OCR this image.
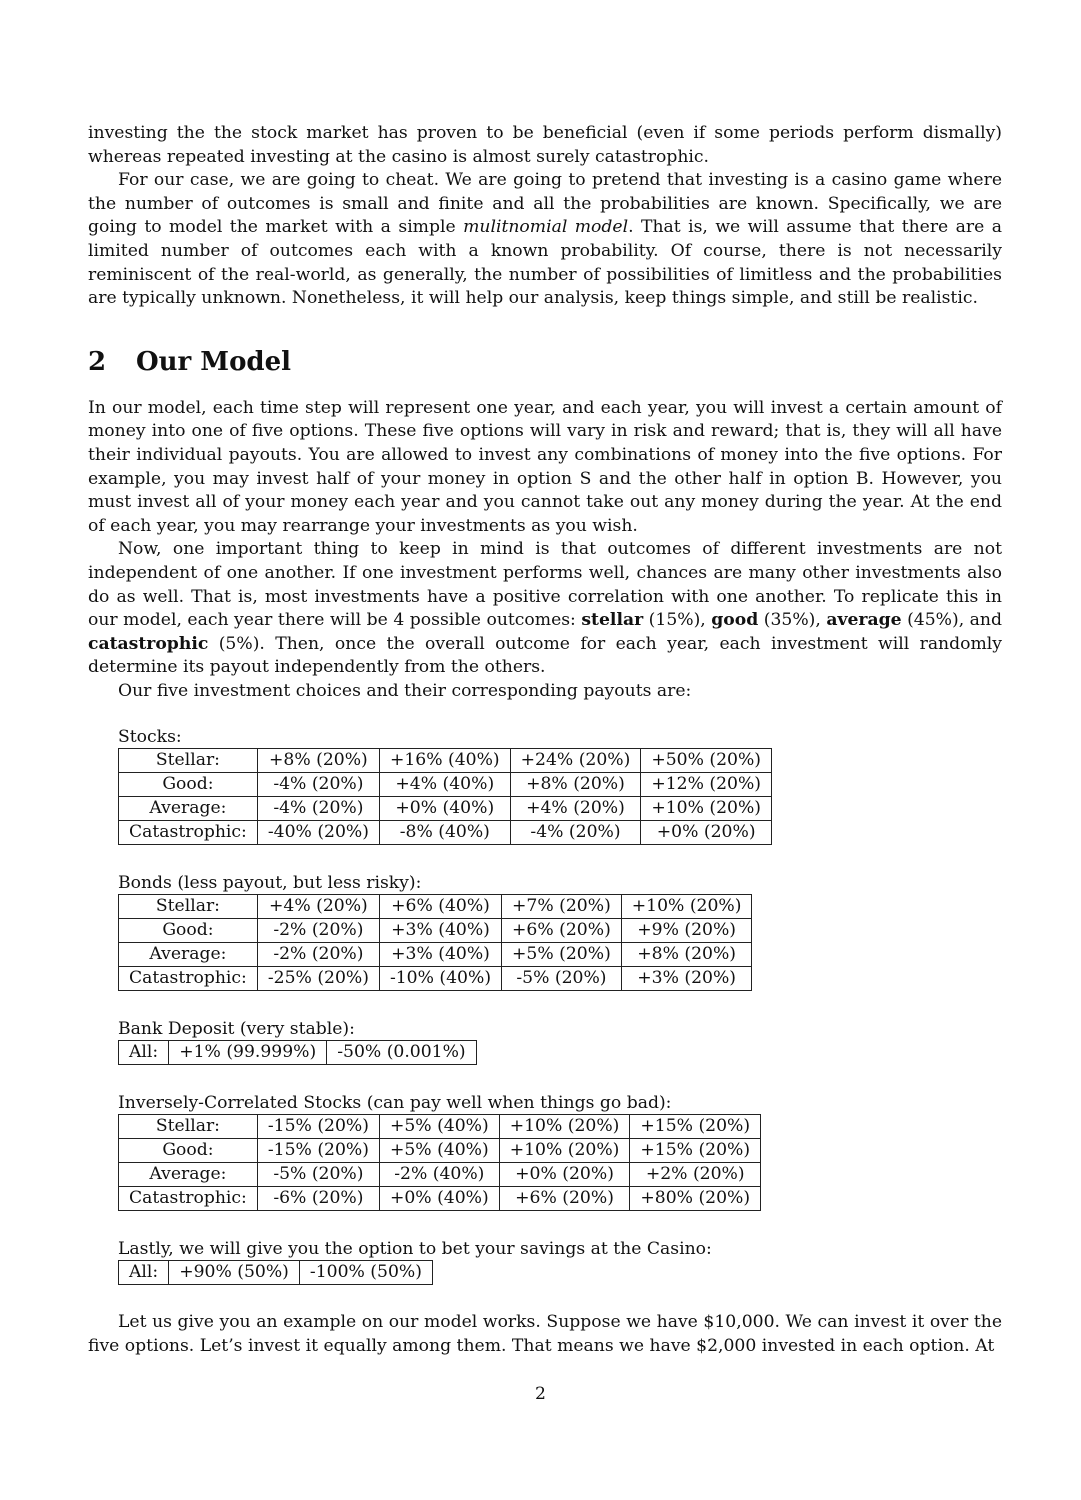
investing the the stock market has proven to be beneficial (even if some periods perform dismally) whereas repeated investing at the casino is almost surely catastrophic.

For our case, we are going to cheat. We are going to pretend that investing is a casino game where the number of outcomes is small and finite and all the probabilities are known. Specifically, we are going to model the market with a simple mulitnomial model. That is, we will assume that there are a limited number of outcomes each with a known probability. Of course, there is not necessarily reminiscent of the real-world, as generally, the number of possibilities of limitless and the probabilities are typically unknown. Nonetheless, it will help our analysis, keep things simple, and still be realistic.

2 Our Model

In our model, each time step will represent one year, and each year, you will invest a certain amount of money into one of five options. These five options will vary in risk and reward; that is, they will all have their individual payouts. You are allowed to invest any combinations of money into the five options. For example, you may invest half of your money in option S and the other half in option B. However, you must invest all of your money each year and you cannot take out any money during the year. At the end of each year, you may rearrange your investments as you wish.

Now, one important thing to keep in mind is that outcomes of different investments are not independent of one another. If one investment performs well, chances are many other investments also do as well. That is, most investments have a positive correlation with one another. To replicate this in our model, each year there will be 4 possible outcomes: stellar (15%), good (35%), average (45%), and catastrophic (5%). Then, once the overall outcome for each year, each investment will randomly determine its payout independently from the others.

Our five investment choices and their corresponding payouts are:

Stocks:
Stellar:	+8% (20%)	+16% (40%)	+24% (20%)	+50% (20%)
Good:	-4% (20%)	+4% (40%)	+8% (20%)	+12% (20%)
Average:	-4% (20%)	+0% (40%)	+4% (20%)	+10% (20%)
Catastrophic:	-40% (20%)	-8% (40%)	-4% (20%)	+0% (20%)
Bonds (less payout, but less risky):
Stellar:	+4% (20%)	+6% (40%)	+7% (20%)	+10% (20%)
Good:	-2% (20%)	+3% (40%)	+6% (20%)	+9% (20%)
Average:	-2% (20%)	+3% (40%)	+5% (20%)	+8% (20%)
Catastrophic:	-25% (20%)	-10% (40%)	-5% (20%)	+3% (20%)
Bank Deposit (very stable):
All:	+1% (99.999%)	-50% (0.001%)
Inversely-Correlated Stocks (can pay well when things go bad):
Stellar:	-15% (20%)	+5% (40%)	+10% (20%)	+15% (20%)
Good:	-15% (20%)	+5% (40%)	+10% (20%)	+15% (20%)
Average:	-5% (20%)	-2% (40%)	+0% (20%)	+2% (20%)
Catastrophic:	-6% (20%)	+0% (40%)	+6% (20%)	+80% (20%)
Lastly, we will give you the option to bet your savings at the Casino:
All:	+90% (50%)	-100% (50%)

Let us give you an example on our model works. Suppose we have $10,000. We can invest it over the five options. Let’s invest it equally among them. That means we have $2,000 invested in each option. At

2
